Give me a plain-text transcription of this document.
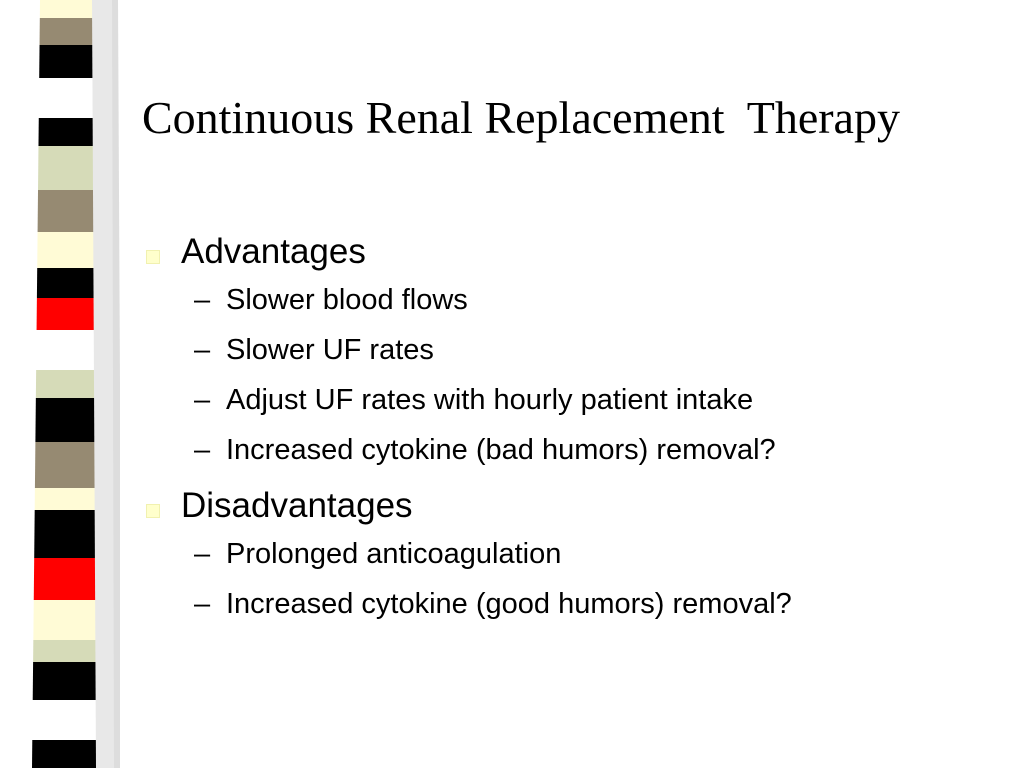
Continuous Renal Replacement  Therapy
Advantages
– Slower blood flows
– Slower UF rates
– Adjust UF rates with hourly patient intake
– Increased cytokine (bad humors) removal?
Disadvantages
– Prolonged anticoagulation
– Increased cytokine (good humors) removal?
